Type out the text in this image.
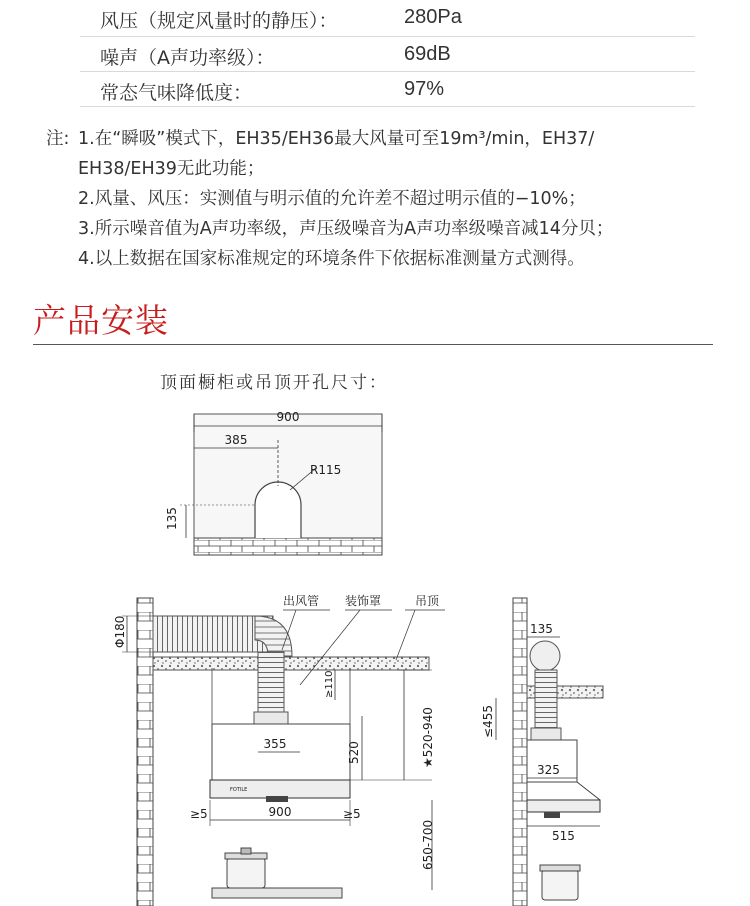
风压（规定风量时的静压）：	280Pa
噪声（A声功率级）：	69dB
常态气味降低度：	97%
注: 1.在“瞬吸”模式下，EH35/EH36最大风量可至19m³/min，EH37/
EH38/EH39无此功能；
2.风量、风压：实测值与明示值的允许差不超过明示值的−10%；
3.所示噪音值为A声功率级，声压级噪音为A声功率级噪音减14分贝；
4.以上数据在国家标准规定的环境条件下依据标准测量方式测得。
产品安装
顶面橱柜或吊顶开孔尺寸：
900
385
R115
135
FOTILE
Φ180
出风管 装饰罩	吊顶
≥110
355	520	★520-940
900
≥5	≥5
650-700
135
≤455
325
515
